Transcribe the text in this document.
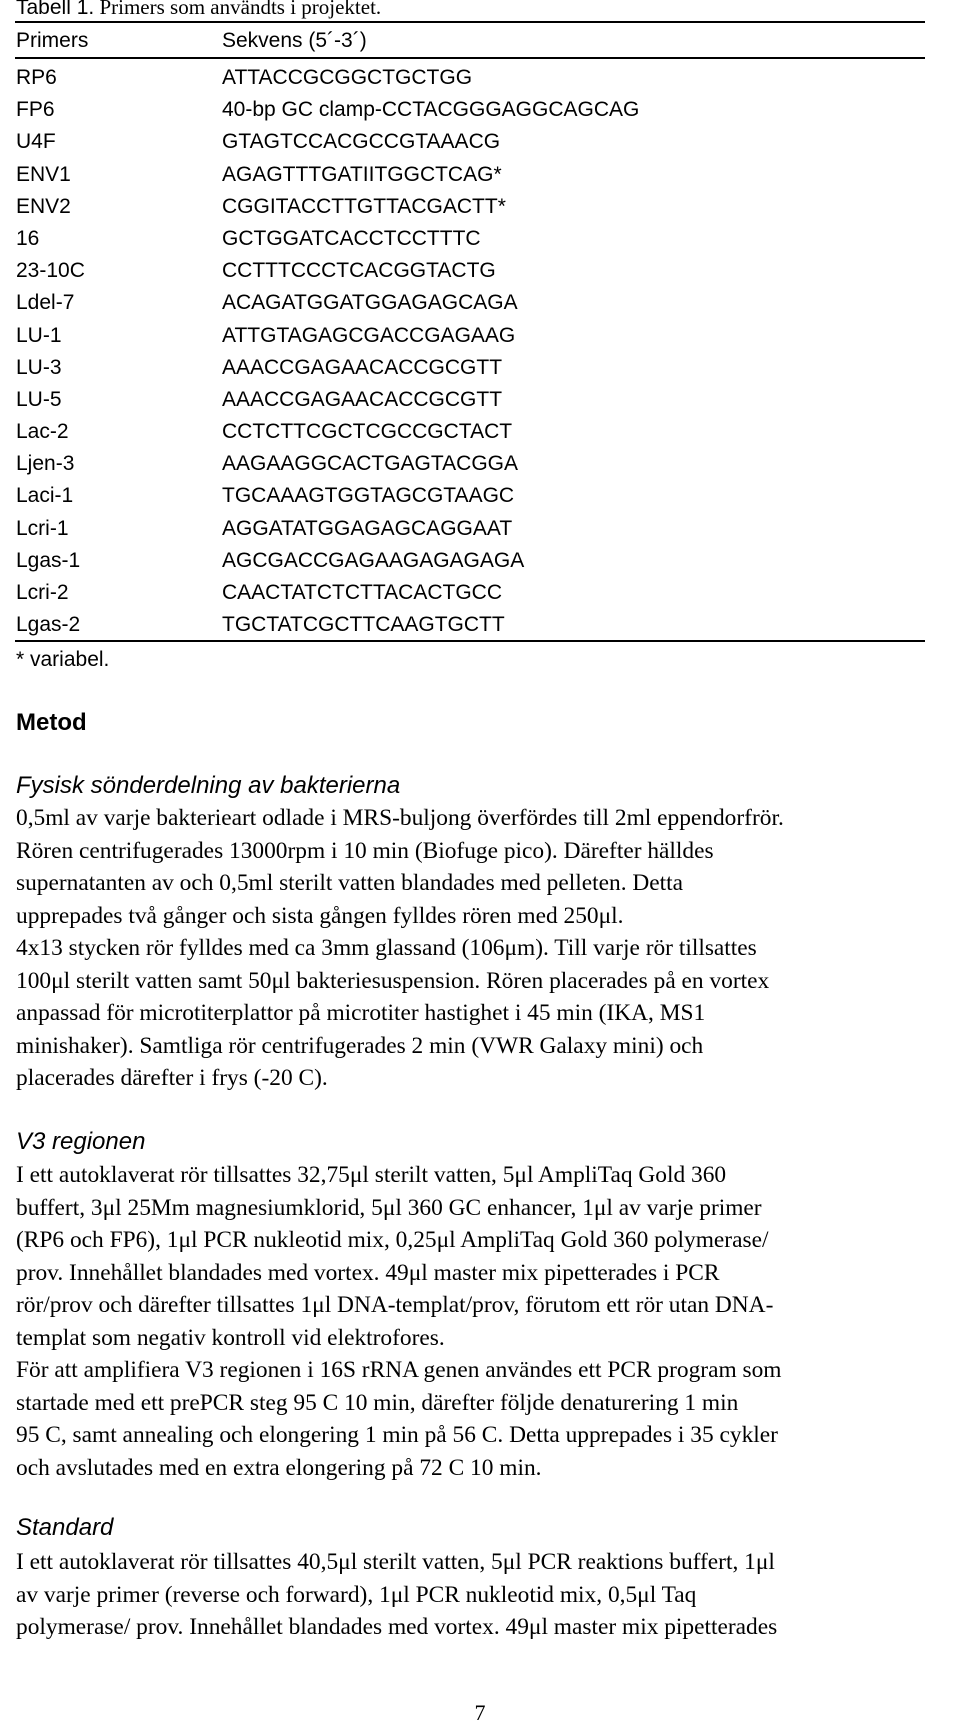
Tabell 1. Primers som användts i projektet.
Primers	Sekvens (5´-3´)
RP6	ATTACCGCGGCTGCTGG
FP6	40-bp GC clamp-CCTACGGGAGGCAGCAG
U4F	GTAGTCCACGCCGTAAACG
ENV1	AGAGTTTGATIITGGCTCAG*
ENV2	CGGITACCTTGTTACGACTT*
16	GCTGGATCACCTCCTTTC
23-10C	CCTTTCCCTCACGGTACTG
Ldel-7	ACAGATGGATGGAGAGCAGA
LU-1	ATTGTAGAGCGACCGAGAAG
LU-3	AAACCGAGAACACCGCGTT
LU-5	AAACCGAGAACACCGCGTT
Lac-2	CCTCTTCGCTCGCCGCTACT
Ljen-3	AAGAAGGCACTGAGTACGGA
Laci-1	TGCAAAGTGGTAGCGTAAGC
Lcri-1	AGGATATGGAGAGCAGGAAT
Lgas-1	AGCGACCGAGAAGAGAGAGA
Lcri-2	CAACTATCTCTTACACTGCC
Lgas-2	TGCTATCGCTTCAAGTGCTT
* variabel.
Metod
Fysisk sönderdelning av bakterierna
0,5ml av varje bakterieart odlade i MRS-buljong överfördes till 2ml eppendorfrör.
Rören centrifugerades 13000rpm i 10 min (Biofuge pico). Därefter hälldes
supernatanten av och 0,5ml sterilt vatten blandades med pelleten. Detta
upprepades två gånger och sista gången fylldes rören med 250μl.
4x13 stycken rör fylldes med ca 3mm glassand (106μm). Till varje rör tillsattes
100μl sterilt vatten samt 50μl bakteriesuspension. Rören placerades på en vortex
anpassad för microtiterplattor på microtiter hastighet i 45 min (IKA, MS1
minishaker). Samtliga rör centrifugerades 2 min (VWR Galaxy mini) och
placerades därefter i frys (-20 C).
V3 regionen
I ett autoklaverat rör tillsattes 32,75μl sterilt vatten, 5μl AmpliTaq Gold 360
buffert, 3μl 25Mm magnesiumklorid, 5μl 360 GC enhancer, 1μl av varje primer
(RP6 och FP6), 1μl PCR nukleotid mix, 0,25μl AmpliTaq Gold 360 polymerase/
prov. Innehållet blandades med vortex. 49μl master mix pipetterades i PCR
rör/prov och därefter tillsattes 1μl DNA-templat/prov, förutom ett rör utan DNA-
templat som negativ kontroll vid elektrofores.
För att amplifiera V3 regionen i 16S rRNA genen användes ett PCR program som
startade med ett prePCR steg 95 C 10 min, därefter följde denaturering 1 min
95 C, samt annealing och elongering 1 min på 56 C. Detta upprepades i 35 cykler
och avslutades med en extra elongering på 72 C 10 min.
Standard
I ett autoklaverat rör tillsattes 40,5μl sterilt vatten, 5μl PCR reaktions buffert, 1μl
av varje primer (reverse och forward), 1μl PCR nukleotid mix, 0,5μl Taq
polymerase/ prov. Innehållet blandades med vortex. 49μl master mix pipetterades
7
